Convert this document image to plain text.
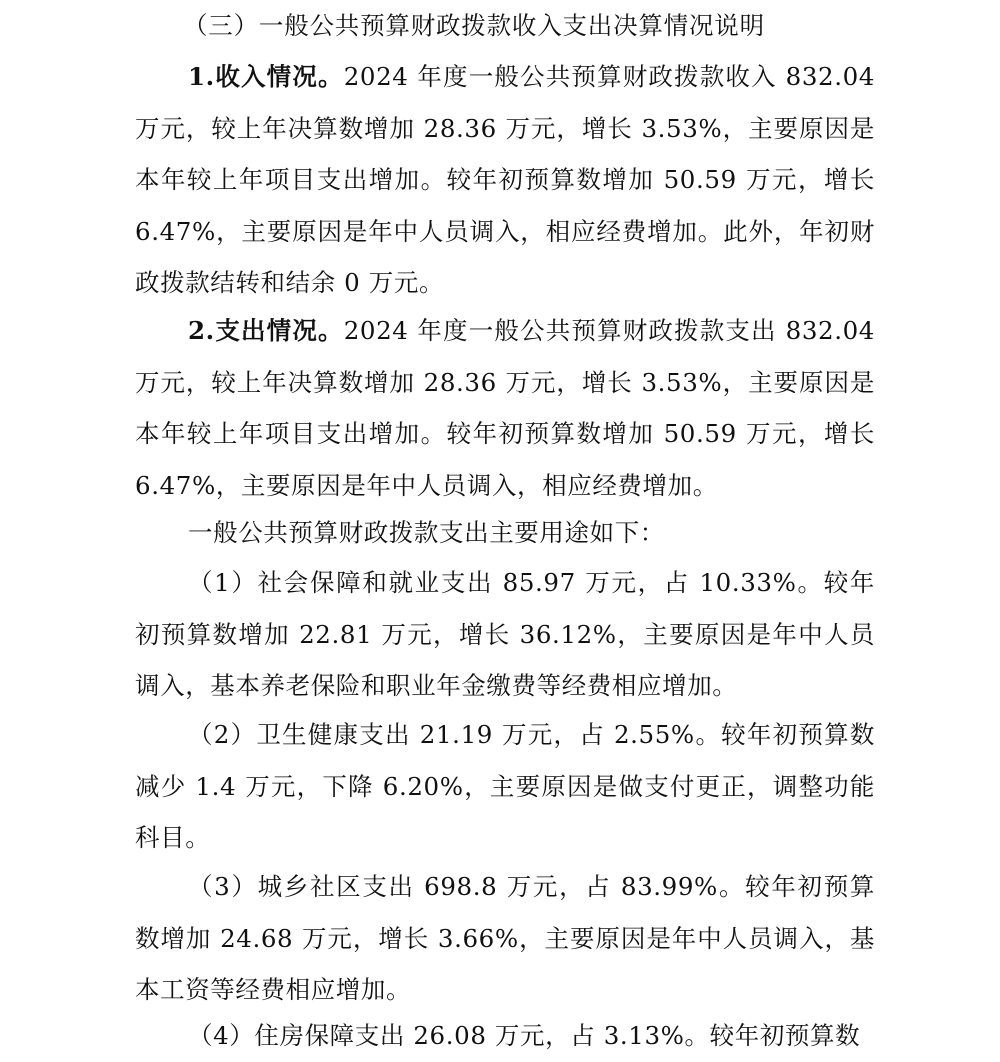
（三）一般公共预算财政拨款收入支出决算情况说明

1.收入情况。2024 年度一般公共预算财政拨款收入 832.04 万元，较上年决算数增加 28.36 万元，增长 3.53%，主要原因是本年较上年项目支出增加。较年初预算数增加 50.59 万元，增长 6.47%，主要原因是年中人员调入，相应经费增加。此外，年初财政拨款结转和结余 0 万元。

2.支出情况。2024 年度一般公共预算财政拨款支出 832.04 万元，较上年决算数增加 28.36 万元，增长 3.53%，主要原因是本年较上年项目支出增加。较年初预算数增加 50.59 万元，增长 6.47%，主要原因是年中人员调入，相应经费增加。

一般公共预算财政拨款支出主要用途如下：

（1）社会保障和就业支出 85.97 万元，占 10.33%。较年初预算数增加 22.81 万元，增长 36.12%，主要原因是年中人员调入，基本养老保险和职业年金缴费等经费相应增加。

（2）卫生健康支出 21.19 万元，占 2.55%。较年初预算数减少 1.4 万元，下降 6.20%，主要原因是做支付更正，调整功能科目。

（3）城乡社区支出 698.8 万元，占 83.99%。较年初预算数增加 24.68 万元，增长 3.66%，主要原因是年中人员调入，基本工资等经费相应增加。

（4）住房保障支出 26.08 万元，占 3.13%。较年初预算数
